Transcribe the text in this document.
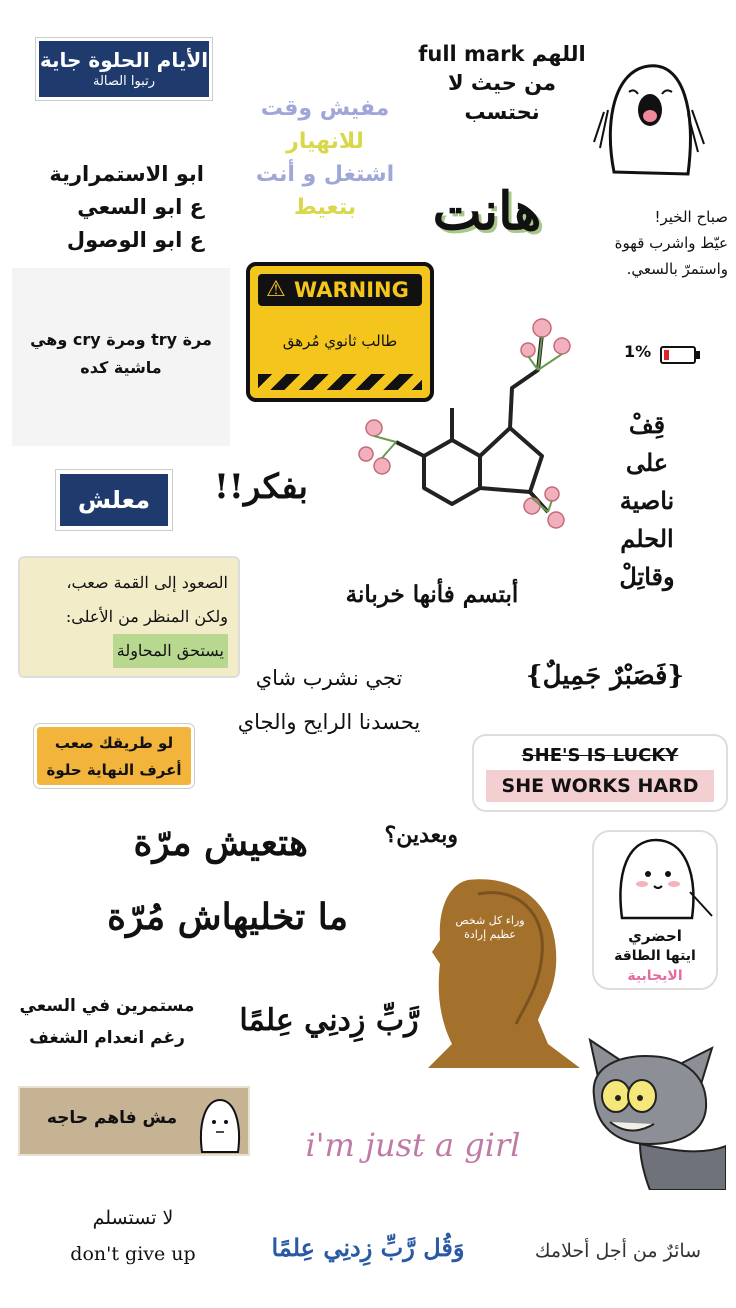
الأيام الحلوة جاية
رتبوا الصالة
اللهم full mark
من حيث لا
نحتسب
مفيش وقت
للانهيار
اشتغل و أنت
بتعيط
ابو الاستمرارية
ع ابو السعي
ع ابو الوصول	هانت	صباح الخير!
عيّط واشرب قهوة
واستمرّ بالسعي.
مرة try ومرة cry وهي
ماشية كده
⚠ WARNING
طالب ثانوي مُرهق
1%
قِفْ
على
ناصية
الحلم
وقاتِلْ
معلش	بفكر!!
الصعود إلى القمة صعب،
ولكن المنظر من الأعلى:
يستحق المحاولة
أبتسم فأنها خربانة
{فَصَبْرٌ جَمِيلٌ}
تجي نشرب شاي
يحسدنا الرايح والجاي
لو طريقك صعب
أعرف النهاية حلوة
SHE'S IS LUCKY
SHE WORKS HARD
وبعدين؟
هتعيش مرّة
ما تخليهاش مُرّة	وراء كل شخص عظيم إرادة	احضري
ايتها الطاقة
الايجابية
مستمرين في السعي
رغم انعدام الشغف	رَّبِّ زِدنِي عِلمًا
مش فاهم حاجه
i'm just a girl
لا تستسلم
don't give up	وَقُل رَّبِّ زِدنِي عِلمًا	سائرٌ من أجل أحلامك
